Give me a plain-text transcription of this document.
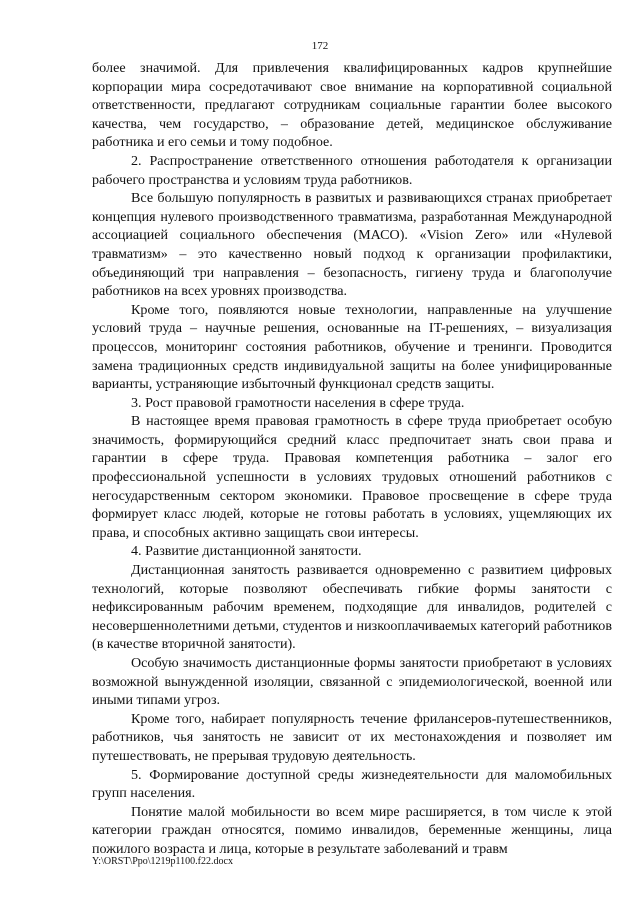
172

более значимой. Для привлечения квалифицированных кадров крупнейшие корпорации мира сосредотачивают свое внимание на корпоративной социальной ответственности, предлагают сотрудникам социальные гарантии более высокого качества, чем государство, – образование детей, медицинское обслуживание работника и его семьи и тому подобное.

2. Распространение ответственного отношения работодателя к организации рабочего пространства и условиям труда работников.

Все большую популярность в развитых и развивающихся странах приобретает концепция нулевого производственного травматизма, разработанная Международной ассоциацией социального обеспечения (МАСО). «Vision Zero» или «Нулевой травматизм» – это качественно новый подход к организации профилактики, объединяющий три направления – безопасность, гигиену труда и благополучие работников на всех уровнях производства.

Кроме того, появляются новые технологии, направленные на улучшение условий труда – научные решения, основанные на IT-решениях, – визуализация процессов, мониторинг состояния работников, обучение и тренинги. Проводится замена традиционных средств индивидуальной защиты на более унифицированные варианты, устраняющие избыточный функционал средств защиты.

3. Рост правовой грамотности населения в сфере труда.

В настоящее время правовая грамотность в сфере труда приобретает особую значимость, формирующийся средний класс предпочитает знать свои права и гарантии в сфере труда. Правовая компетенция работника – залог его профессиональной успешности в условиях трудовых отношений работников с негосударственным сектором экономики. Правовое просвещение в сфере труда формирует класс людей, которые не готовы работать в условиях, ущемляющих их права, и способных активно защищать свои интересы.

4. Развитие дистанционной занятости.

Дистанционная занятость развивается одновременно с развитием цифровых технологий, которые позволяют обеспечивать гибкие формы занятости с нефиксированным рабочим временем, подходящие для инвалидов, родителей с несовершеннолетними детьми, студентов и низкооплачиваемых категорий работников (в качестве вторичной занятости).

Особую значимость дистанционные формы занятости приобретают в условиях возможной вынужденной изоляции, связанной с эпидемиологической, военной или иными типами угроз.

Кроме того, набирает популярность течение фрилансеров-путешественников, работников, чья занятость не зависит от их местонахождения и позволяет им путешествовать, не прерывая трудовую деятельность.

5. Формирование доступной среды жизнедеятельности для маломобильных групп населения.

Понятие малой мобильности во всем мире расширяется, в том числе к этой категории граждан относятся, помимо инвалидов, беременные женщины, лица пожилого возраста и лица, которые в результате заболеваний и травм

Y:\ORST\Ppo\1219p1100.f22.docx
